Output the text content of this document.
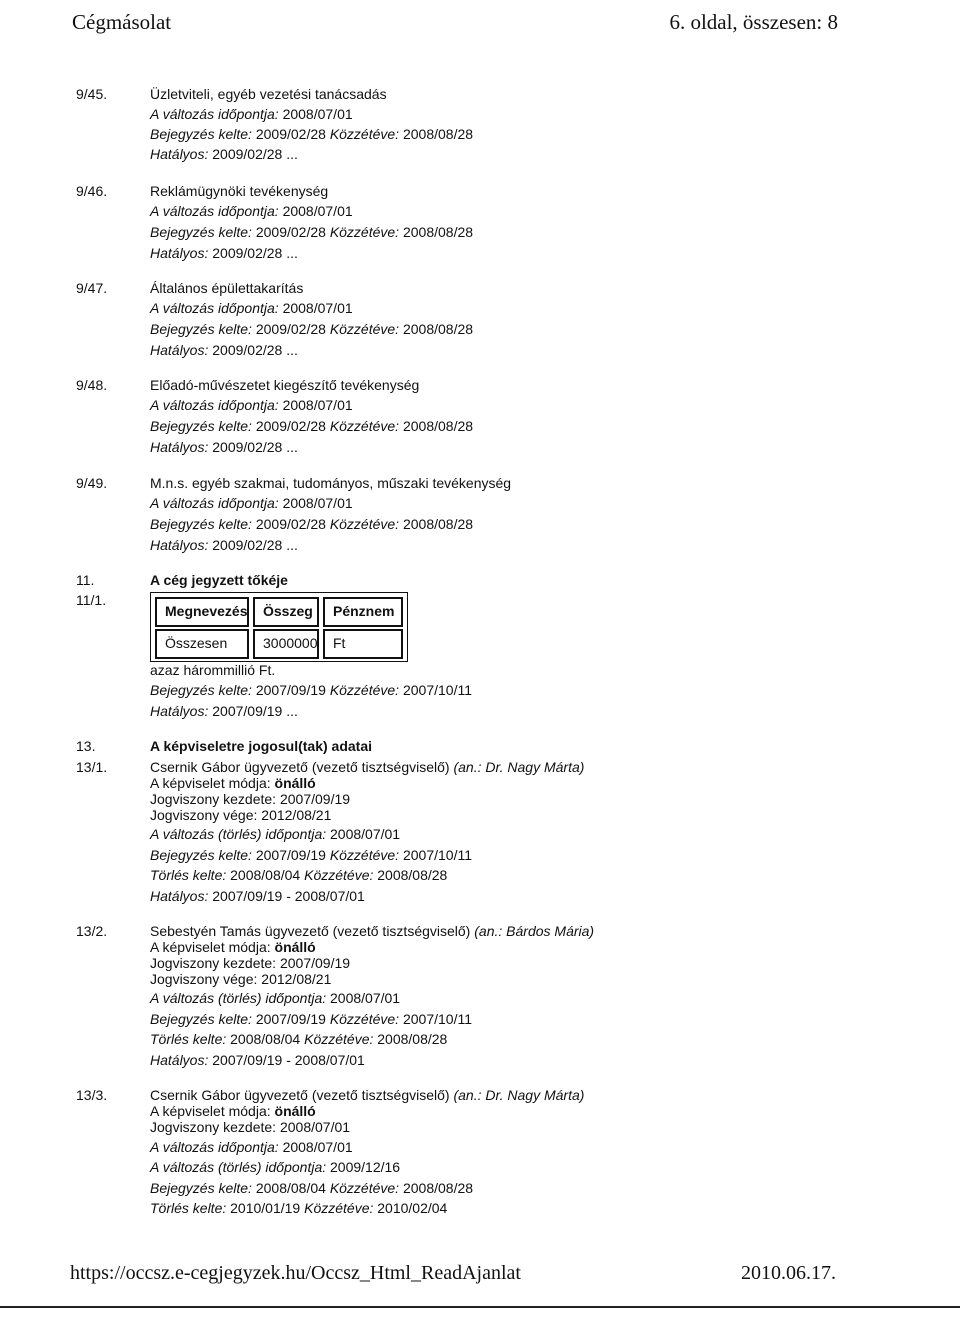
Cégmásolat	6. oldal, összesen: 8
9/45.	Üzletviteli, egyéb vezetési tanácsadás
A változás időpontja: 2008/07/01
Bejegyzés kelte: 2009/02/28 Közzétéve: 2008/08/28
Hatályos: 2009/02/28 ...
9/46.	Reklámügynöki tevékenység
A változás időpontja: 2008/07/01
Bejegyzés kelte: 2009/02/28 Közzétéve: 2008/08/28
Hatályos: 2009/02/28 ...
9/47.	Általános épülettakarítás
A változás időpontja: 2008/07/01
Bejegyzés kelte: 2009/02/28 Közzétéve: 2008/08/28
Hatályos: 2009/02/28 ...
9/48.	Előadó-művészetet kiegészítő tevékenység
A változás időpontja: 2008/07/01
Bejegyzés kelte: 2009/02/28 Közzétéve: 2008/08/28
Hatályos: 2009/02/28 ...
9/49.	M.n.s. egyéb szakmai, tudományos, műszaki tevékenység
A változás időpontja: 2008/07/01
Bejegyzés kelte: 2009/02/28 Közzétéve: 2008/08/28
Hatályos: 2009/02/28 ...
11.	A cég jegyzett tőkéje
11/1.
Megnevezés	Összeg	Pénznem
Összesen	3000000	Ft
azaz hárommillió Ft.
Bejegyzés kelte: 2007/09/19 Közzétéve: 2007/10/11
Hatályos: 2007/09/19 ...
13.	A képviseletre jogosul(tak) adatai
13/1.	Csernik Gábor ügyvezető (vezető tisztségviselő) (an.: Dr. Nagy Márta)
A képviselet módja: önálló
Jogviszony kezdete: 2007/09/19
Jogviszony vége: 2012/08/21
A változás (törlés) időpontja: 2008/07/01
Bejegyzés kelte: 2007/09/19 Közzétéve: 2007/10/11
Törlés kelte: 2008/08/04 Közzétéve: 2008/08/28
Hatályos: 2007/09/19 - 2008/07/01
13/2.	Sebestyén Tamás ügyvezető (vezető tisztségviselő) (an.: Bárdos Mária)
A képviselet módja: önálló
Jogviszony kezdete: 2007/09/19
Jogviszony vége: 2012/08/21
A változás (törlés) időpontja: 2008/07/01
Bejegyzés kelte: 2007/09/19 Közzétéve: 2007/10/11
Törlés kelte: 2008/08/04 Közzétéve: 2008/08/28
Hatályos: 2007/09/19 - 2008/07/01
13/3.	Csernik Gábor ügyvezető (vezető tisztségviselő) (an.: Dr. Nagy Márta)
A képviselet módja: önálló
Jogviszony kezdete: 2008/07/01
A változás időpontja: 2008/07/01
A változás (törlés) időpontja: 2009/12/16
Bejegyzés kelte: 2008/08/04 Közzétéve: 2008/08/28
Törlés kelte: 2010/01/19 Közzétéve: 2010/02/04
https://occsz.e-cegjegyzek.hu/Occsz_Html_ReadAjanlat	2010.06.17.
